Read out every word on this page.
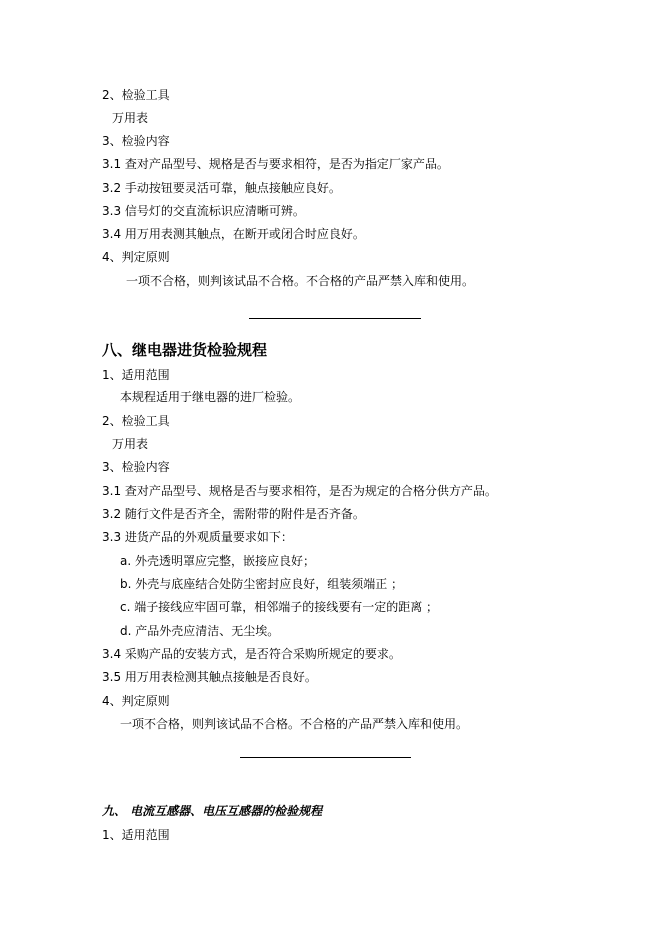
2、检验工具
万用表
3、检验内容
3.1 查对产品型号、规格是否与要求相符，是否为指定厂家产品。
3.2 手动按钮要灵活可靠，触点接触应良好。
3.3 信号灯的交直流标识应清晰可辨。
3.4 用万用表测其触点，在断开或闭合时应良好。
4、判定原则
一项不合格，则判该试品不合格。不合格的产品严禁入库和使用。
八、继电器进货检验规程
1、适用范围
本规程适用于继电器的进厂检验。
2、检验工具
万用表
3、检验内容
3.1 查对产品型号、规格是否与要求相符，是否为规定的合格分供方产品。
3.2 随行文件是否齐全，需附带的附件是否齐备。
3.3 进货产品的外观质量要求如下：
a. 外壳透明罩应完整，嵌接应良好；
b. 外壳与底座结合处防尘密封应良好，组装须端正 ；
c. 端子接线应牢固可靠，相邻端子的接线要有一定的距离 ；
d. 产品外壳应清洁、无尘埃。
3.4 采购产品的安装方式，是否符合采购所规定的要求。
3.5 用万用表检测其触点接触是否良好。
4、判定原则
一项不合格，则判该试品不合格。不合格的产品严禁入库和使用。
九、 电流互感器、电压互感器的检验规程
1、适用范围
